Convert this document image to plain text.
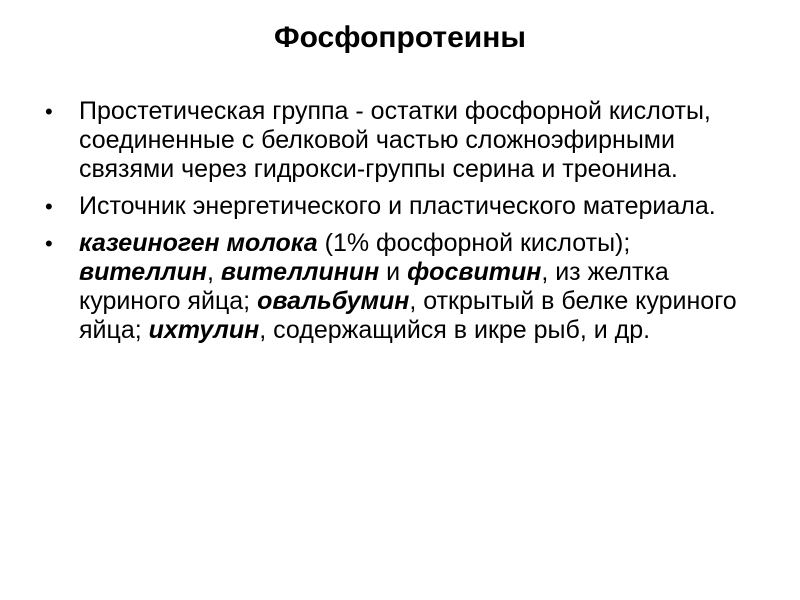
Фосфопротеины
• Простетическая группа - остатки фосфорной кислоты, соединенные с белковой частью сложноэфирными связями через гидрокси-группы серина и треонина.
• Источник энергетического и пластического материала.
• казеиноген молока (1% фосфорной кислоты); вителлин, вителлинин и фосвитин, из желтка куриного яйца; овальбумин, открытый в белке куриного яйца; ихтулин, содержащийся в икре рыб, и др.
